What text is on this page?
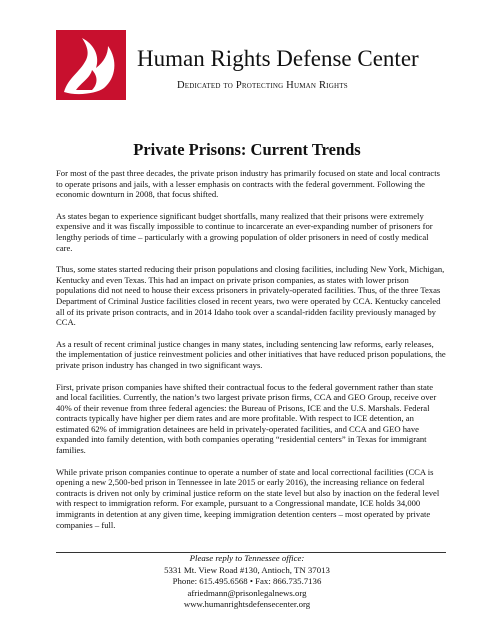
Human Rights Defense Center
Dedicated to Protecting Human Rights
Private Prisons: Current Trends

For most of the past three decades, the private prison industry has primarily focused on state and local contracts to operate prisons and jails, with a lesser emphasis on contracts with the federal government. Following the economic downturn in 2008, that focus shifted.

As states began to experience significant budget shortfalls, many realized that their prisons were extremely expensive and it was fiscally impossible to continue to incarcerate an ever-expanding number of prisoners for lengthy periods of time – particularly with a growing population of older prisoners in need of costly medical care.

Thus, some states started reducing their prison populations and closing facilities, including New York, Michigan, Kentucky and even Texas. This had an impact on private prison companies, as states with lower prison populations did not need to house their excess prisoners in privately-operated facilities. Thus, of the three Texas Department of Criminal Justice facilities closed in recent years, two were operated by CCA. Kentucky canceled all of its private prison contracts, and in 2014 Idaho took over a scandal-ridden facility previously managed by CCA.

As a result of recent criminal justice changes in many states, including sentencing law reforms, early releases, the implementation of justice reinvestment policies and other initiatives that have reduced prison populations, the private prison industry has changed in two significant ways.

First, private prison companies have shifted their contractual focus to the federal government rather than state and local facilities. Currently, the nation’s two largest private prison firms, CCA and GEO Group, receive over 40% of their revenue from three federal agencies: the Bureau of Prisons, ICE and the U.S. Marshals. Federal contracts typically have higher per diem rates and are more profitable. With respect to ICE detention, an estimated 62% of immigration detainees are held in privately-operated facilities, and CCA and GEO have expanded into family detention, with both companies operating “residential centers” in Texas for immigrant families.

While private prison companies continue to operate a number of state and local correctional facilities (CCA is opening a new 2,500-bed prison in Tennessee in late 2015 or early 2016), the increasing reliance on federal contracts is driven not only by criminal justice reform on the state level but also by inaction on the federal level with respect to immigration reform. For example, pursuant to a Congressional mandate, ICE holds 34,000 immigrants in detention at any given time, keeping immigration detention centers – most operated by private companies – full.

Please reply to Tennessee office:
5331 Mt. View Road #130, Antioch, TN 37013
Phone: 615.495.6568 • Fax: 866.735.7136
afriedmann@prisonlegalnews.org
www.humanrightsdefensecenter.org
